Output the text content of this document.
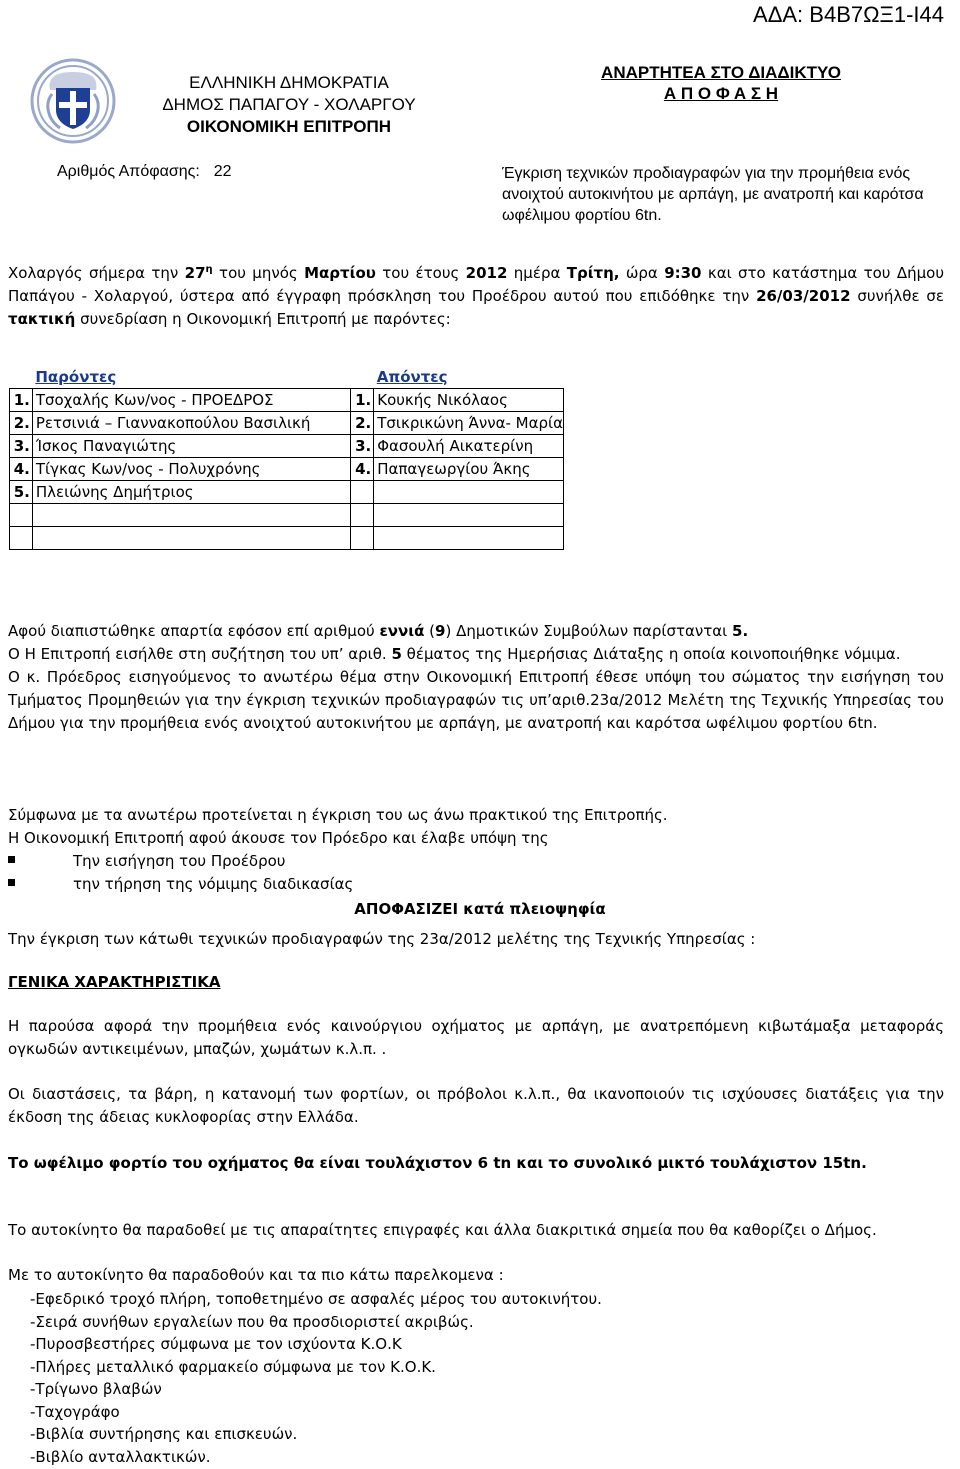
ΑΔΑ: Β4Β7ΩΞ1-Ι44
ΕΛΛΗΝΙΚΗ ΔΗΜΟΚΡΑΤΙΑ
ΔΗΜΟΣ ΠΑΠΑΓΟΥ - ΧΟΛΑΡΓΟΥ
ΟΙΚΟΝΟΜΙΚΗ ΕΠΙΤΡΟΠΗ
ΑΝΑΡΤΗΤΕΑ ΣΤΟ ΔΙΑΔΙΚΤΥΟ
Α Π Ο Φ Α Σ Η
Αριθμός Απόφασης: 22	Έγκριση τεχνικών προδιαγραφών για την προμήθεια ενός ανοιχτού αυτοκινήτου με αρπάγη, με ανατροπή και καρότσα ωφέλιμου φορτίου 6tn.

Χολαργός σήμερα την $27^\eta$ του μηνός Μαρτίου του έτους 2012 ημέρα Τρίτη, ώρα 9:30 και στο κατάστημα του Δήμου Παπάγου - Χολαργού, ύστερα από έγγραφη πρόσκληση του Προέδρου αυτού που επιδόθηκε την 26/03/2012 συνήλθε σε τακτική συνεδρίαση η Οικονομική Επιτροπή με παρόντες:

	Παρόντες		Απόντες
1.	Τσοχαλής Κων/νος - ΠΡΟΕΔΡΟΣ	1.	Κουκής Νικόλαος
2.	Ρετσινιά – Γιαννακοπούλου Βασιλική	2.	Τσικρικώνη Άννα- Μαρία
3.	Ίσκος Παναγιώτης	3.	Φασουλή Αικατερίνη
4.	Τίγκας Κων/νος - Πολυχρόνης	4.	Παπαγεωργίου Άκης
5.	Πλειώνης Δημήτριος		

Αφού διαπιστώθηκε απαρτία εφόσον επί αριθμού εννιά (9) Δημοτικών Συμβούλων παρίστανται 5.

Ο Η Επιτροπή εισήλθε στη συζήτηση του υπ’ αριθ. 5 θέματος της Ημερήσιας Διάταξης η οποία κοινοποιήθηκε νόμιμα.

Ο κ. Πρόεδρος εισηγούμενος το ανωτέρω θέμα στην Οικονομική Επιτροπή έθεσε υπόψη του σώματος την εισήγηση του Τμήματος Προμηθειών για την έγκριση τεχνικών προδιαγραφών τις υπ’αριθ.23α/2012 Μελέτη της Τεχνικής Υπηρεσίας του Δήμου για την προμήθεια ενός ανοιχτού αυτοκινήτου με αρπάγη, με ανατροπή και καρότσα ωφέλιμου φορτίου 6tn.

Σύμφωνα με τα ανωτέρω προτείνεται η έγκριση του ως άνω πρακτικού της Επιτροπής.

Η Οικονομική Επιτροπή αφού άκουσε τον Πρόεδρο και έλαβε υπόψη της

Την εισήγηση του Προέδρου

την τήρηση της νόμιμης διαδικασίας

ΑΠΟΦΑΣΙΖΕΙ κατά πλειοψηφία
Την έγκριση των κάτωθι τεχνικών προδιαγραφών της 23α/2012 μελέτης της Τεχνικής Υπηρεσίας :
ΓΕΝΙΚΑ ΧΑΡΑΚΤΗΡΙΣΤΙΚΑ
Η παρούσα αφορά την προμήθεια ενός καινούργιου οχήματος με αρπάγη, με ανατρεπόμενη κιβωτάμαξα μεταφοράς ογκωδών αντικειμένων, μπαζών, χωμάτων κ.λ.π. .
Οι διαστάσεις, τα βάρη, η κατανομή των φορτίων, οι πρόβολοι κ.λ.π., θα ικανοποιούν τις ισχύουσες διατάξεις για την έκδοση της άδειας κυκλοφορίας στην Ελλάδα.
Το ωφέλιμο φορτίο του οχήματος θα είναι τουλάχιστον 6 tn και το συνολικό μικτό τουλάχιστον 15tn.
Το αυτοκίνητο θα παραδοθεί με τις απαραίτητες επιγραφές και άλλα διακριτικά σημεία που θα καθορίζει ο Δήμος.
Με το αυτοκίνητο θα παραδοθούν και τα πιο κάτω παρελκομενα :

-Εφεδρικό τροχό πλήρη, τοποθετημένο σε ασφαλές μέρος του αυτοκινήτου.

-Σειρά συνήθων εργαλείων που θα προσδιοριστεί ακριβώς.

-Πυροσβεστήρες σύμφωνα με τον ισχύοντα Κ.Ο.Κ

-Πλήρες μεταλλικό φαρμακείο σύμφωνα με τον Κ.Ο.Κ.

-Τρίγωνο βλαβών

-Ταχογράφο

-Βιβλία συντήρησης και επισκευών.

-Βιβλίο ανταλλακτικών.
